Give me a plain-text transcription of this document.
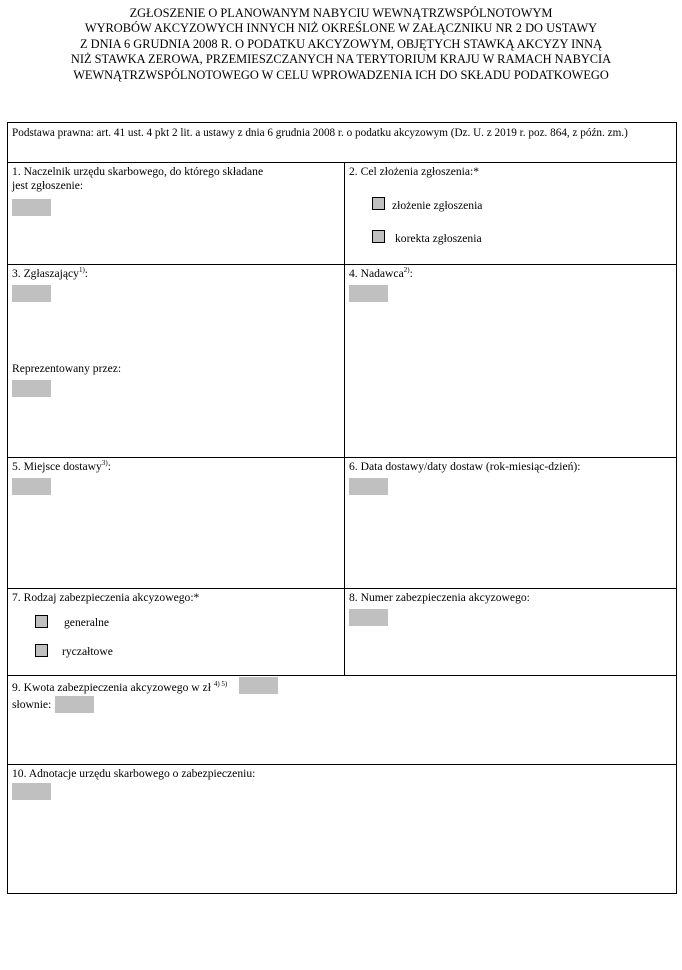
ZGŁOSZENIE O PLANOWANYM NABYCIU WEWNĄTRZWSPÓLNOTOWYM
WYROBÓW AKCYZOWYCH INNYCH NIŻ OKREŚLONE W ZAŁĄCZNIKU NR 2 DO USTAWY
Z DNIA 6 GRUDNIA 2008 R. O PODATKU AKCYZOWYM, OBJĘTYCH STAWKĄ AKCYZY INNĄ
NIŻ STAWKA ZEROWA, PRZEMIESZCZANYCH NA TERYTORIUM KRAJU W RAMACH NABYCIA
WEWNĄTRZWSPÓLNOTOWEGO W CELU WPROWADZENIA ICH DO SKŁADU PODATKOWEGO
Podstawa prawna: art. 41 ust. 4 pkt 2 lit. a ustawy z dnia 6 grudnia 2008 r. o podatku akcyzowym (Dz. U. z 2019 r. poz. 864, z późn. zm.)
1. Naczelnik urzędu skarbowego, do którego składane
jest zgłoszenie:
2. Cel złożenia zgłoszenia:*
złożenie zgłoszenia
korekta zgłoszenia
3. Zgłaszający$^{1)}$:
Reprezentowany przez:
4. Nadawca$^{2)}$:
5. Miejsce dostawy$^{3)}$:	6. Data dostawy/daty dostaw (rok-miesiąc-dzień):
7. Rodzaj zabezpieczenia akcyzowego:*
generalne
ryczałtowe
8. Numer zabezpieczenia akcyzowego:
9. Kwota zabezpieczenia akcyzowego w zł $^{4) 5)}$
słownie:
10. Adnotacje urzędu skarbowego o zabezpieczeniu:
